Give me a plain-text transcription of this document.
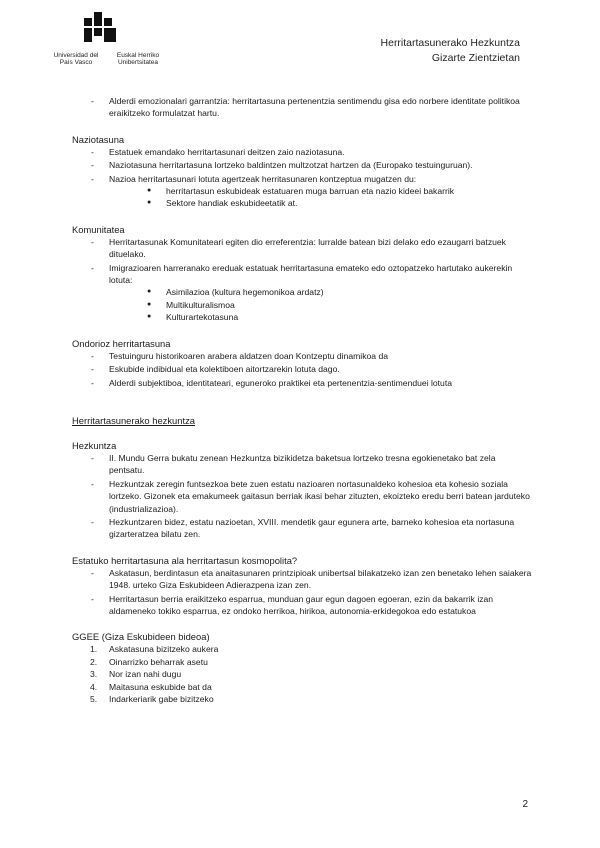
Universidad del País Vasco
Euskal Herriko Unibertsitatea
Herritartasunerako Hezkuntza
Gizarte Zientzietan
- Alderdi emozionalari garrantzia: herritartasuna pertenentzia sentimendu gisa edo norbere identitate politikoa eraikitzeko formulatzat hartu.
Naziotasuna
- Estatuek emandako herritartasunari deitzen zaio naziotasuna.
- Naziotasuna herritartasuna lortzeko baldintzen multzotzat hartzen da (Europako testuinguruan).
- Nazioa herritartasunari lotuta agertzeak herritasunaren kontzeptua mugatzen du:
● herritartasun eskubideak estatuaren muga barruan eta nazio kideei bakarrik
● Sektore handiak eskubideetatik at.
Komunitatea
- Herritartasunak Komunitateari egiten dio erreferentzia: lurralde batean bizi delako edo ezaugarri batzuek dituelako.
- Imigrazioaren harreranako ereduak estatuak herritartasuna emateko edo oztopatzeko hartutako aukerekin lotuta:
● Asimilazioa (kultura hegemonikoa ardatz)
● Multikulturalismoa
● Kulturartekotasuna
Ondorioz herritartasuna
- Testuinguru historikoaren arabera aldatzen doan Kontzeptu dinamikoa da
- Eskubide indibidual eta kolektiboen aitortzarekin lotuta dago.
- Alderdi subjektiboa, identitateari, eguneroko praktikei eta pertenentzia-sentimenduei lotuta
Herritartasunerako hezkuntza
Hezkuntza
- II. Mundu Gerra bukatu zenean Hezkuntza bizikidetza baketsua lortzeko tresna egokienetako bat zela pentsatu.
- Hezkuntzak zeregin funtsezkoa bete zuen estatu nazioaren nortasunaldeko kohesioa eta kohesio soziala lortzeko. Gizonek eta emakumeek gaitasun berriak ikasi behar zituzten, ekoizteko eredu berri batean jarduteko (industrializazioa).
- Hezkuntzaren bidez, estatu nazioetan, XVIII. mendetik gaur egunera arte, barneko kohesioa eta nortasuna gizarteratzea bilatu zen.
Estatuko herritartasuna ala herritartasun kosmopolita?
- Askatasun, berdintasun eta anaitasunaren printzipioak unibertsal bilakatzeko izan zen benetako lehen saiakera 1948. urteko Giza Eskubideen Adierazpena izan zen.
- Herritartasun berria eraikitzeko esparrua, munduan gaur egun dagoen egoeran, ezin da bakarrik izan aldameneko tokiko esparrua, ez ondoko herrikoa, hirikoa, autonomia-erkidegokoa edo estatukoa
GGEE (Giza Eskubideen bideoa)
1. Askatasuna bizitzeko aukera
2. Oinarrizko beharrak asetu
3. Nor izan nahi dugu
4. Maitasuna eskubide bat da
5. Indarkeriarik gabe bizitzeko
2
